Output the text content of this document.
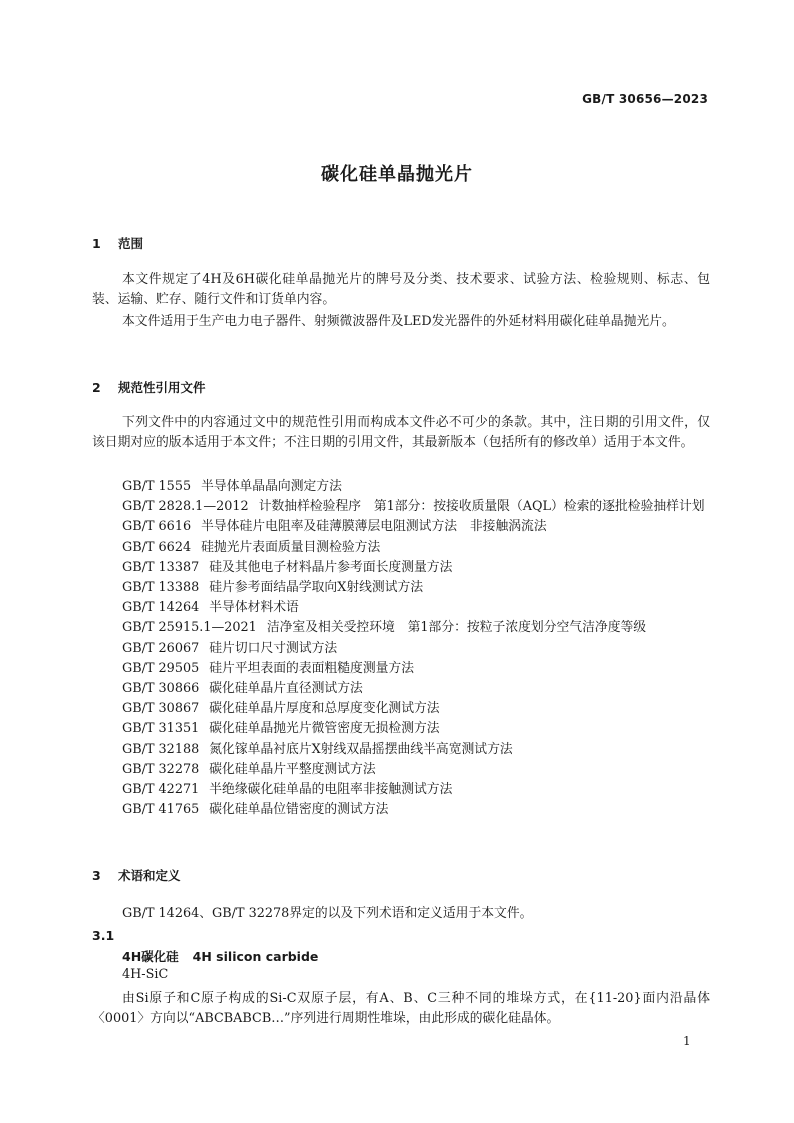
GB/T 30656—2023
碳化硅单晶抛光片
1 范围
本文件规定了4H及6H碳化硅单晶抛光片的牌号及分类、技术要求、试验方法、检验规则、标志、包装、运输、贮存、随行文件和订货单内容。
本文件适用于生产电力电子器件、射频微波器件及LED发光器件的外延材料用碳化硅单晶抛光片。
2 规范性引用文件
下列文件中的内容通过文中的规范性引用而构成本文件必不可少的条款。其中，注日期的引用文件，仅该日期对应的版本适用于本文件；不注日期的引用文件，其最新版本（包括所有的修改单）适用于本文件。
GB/T 1555 半导体单晶晶向测定方法
GB/T 2828.1—2012 计数抽样检验程序　第1部分：按接收质量限（AQL）检索的逐批检验抽样计划
GB/T 6616 半导体硅片电阻率及硅薄膜薄层电阻测试方法　非接触涡流法
GB/T 6624 硅抛光片表面质量目测检验方法
GB/T 13387 硅及其他电子材料晶片参考面长度测量方法
GB/T 13388 硅片参考面结晶学取向X射线测试方法
GB/T 14264 半导体材料术语
GB/T 25915.1—2021 洁净室及相关受控环境　第1部分：按粒子浓度划分空气洁净度等级
GB/T 26067 硅片切口尺寸测试方法
GB/T 29505 硅片平坦表面的表面粗糙度测量方法
GB/T 30866 碳化硅单晶片直径测试方法
GB/T 30867 碳化硅单晶片厚度和总厚度变化测试方法
GB/T 31351 碳化硅单晶抛光片微管密度无损检测方法
GB/T 32188 氮化镓单晶衬底片X射线双晶摇摆曲线半高宽测试方法
GB/T 32278 碳化硅单晶片平整度测试方法
GB/T 42271 半绝缘碳化硅单晶的电阻率非接触测试方法
GB/T 41765 碳化硅单晶位错密度的测试方法
3 术语和定义
GB/T 14264、GB/T 32278界定的以及下列术语和定义适用于本文件。
3.1
4H碳化硅 4H silicon carbide
4H-SiC
由Si原子和C原子构成的Si-C双原子层，有A、B、C三种不同的堆垛方式，在{11-20}面内沿晶体〈0001〉方向以“ABCBABCB…”序列进行周期性堆垛，由此形成的碳化硅晶体。
1
